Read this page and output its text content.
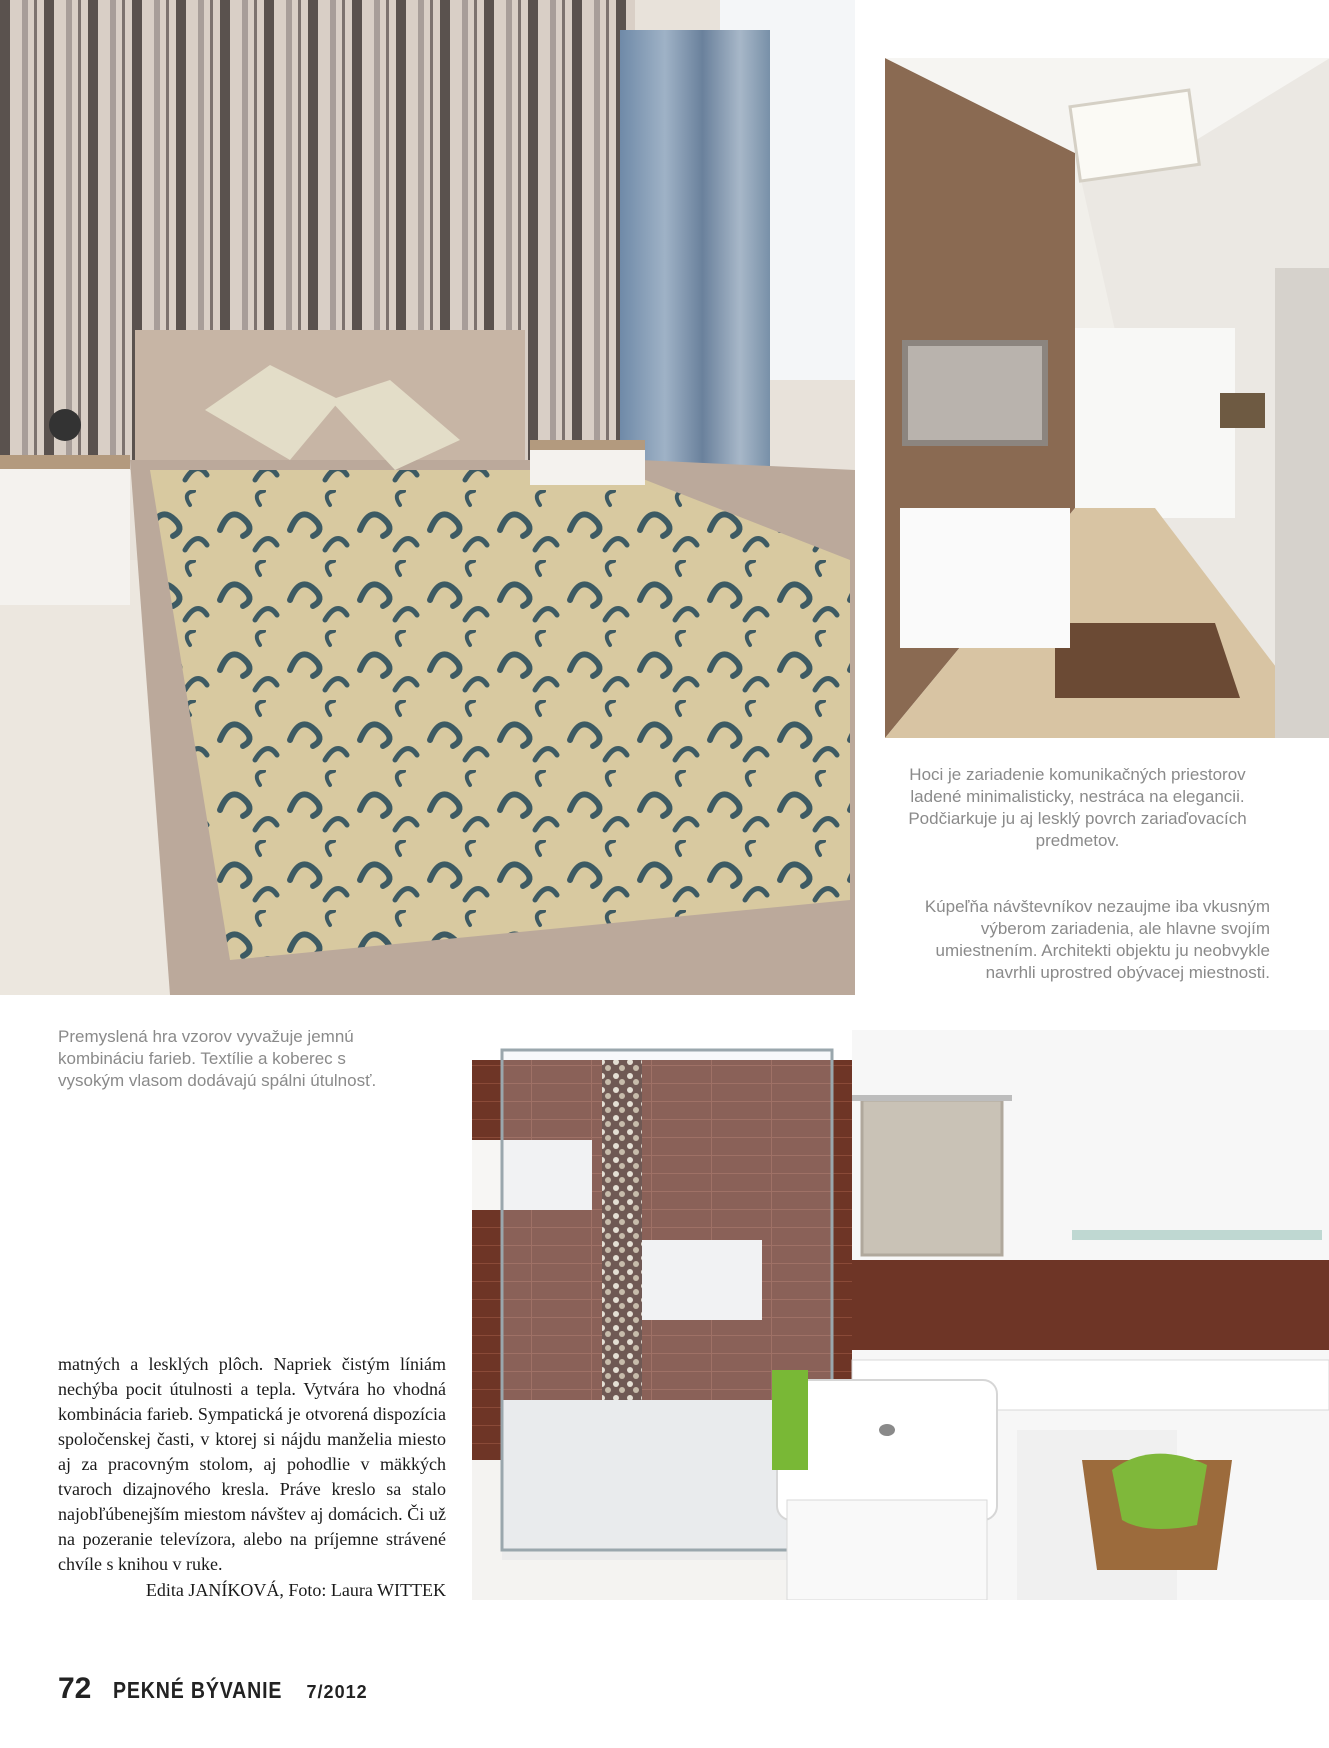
Hoci je zariadenie komunikačných priestorov ladené minimalisticky, nestráca na elegancii. Podčiarkuje ju aj lesklý povrch zariaďovacích predmetov.

Kúpeľňa návštevníkov nezaujme iba vkusným výberom zariadenia, ale hlavne svojím umiestnením. Architekti objektu ju neobvykle navrhli uprostred obývacej miestnosti.

Premyslená hra vzorov vyvažuje jemnú kombináciu farieb. Textílie a koberec s vysokým vlasom dodávajú spálni útulnosť.

matných a lesklých plôch. Napriek čistým líniám nechýba pocit útulnosti a tepla. Vytvára ho vhodná kombinácia farieb. Sympatická je otvorená dispozícia spoločenskej časti, v ktorej si nájdu manželia miesto aj za pracovným stolom, aj pohodlie v mäkkých tvaroch dizajnového kresla. Práve kreslo sa stalo najobľúbenejším miestom návštev aj domácich. Či už na pozeranie televízora, alebo na príjemne strávené chvíle s knihou v ruke.

Edita JANÍKOVÁ, Foto: Laura WITTEK

72 PEKNÉ BÝVANIE 7/2012
